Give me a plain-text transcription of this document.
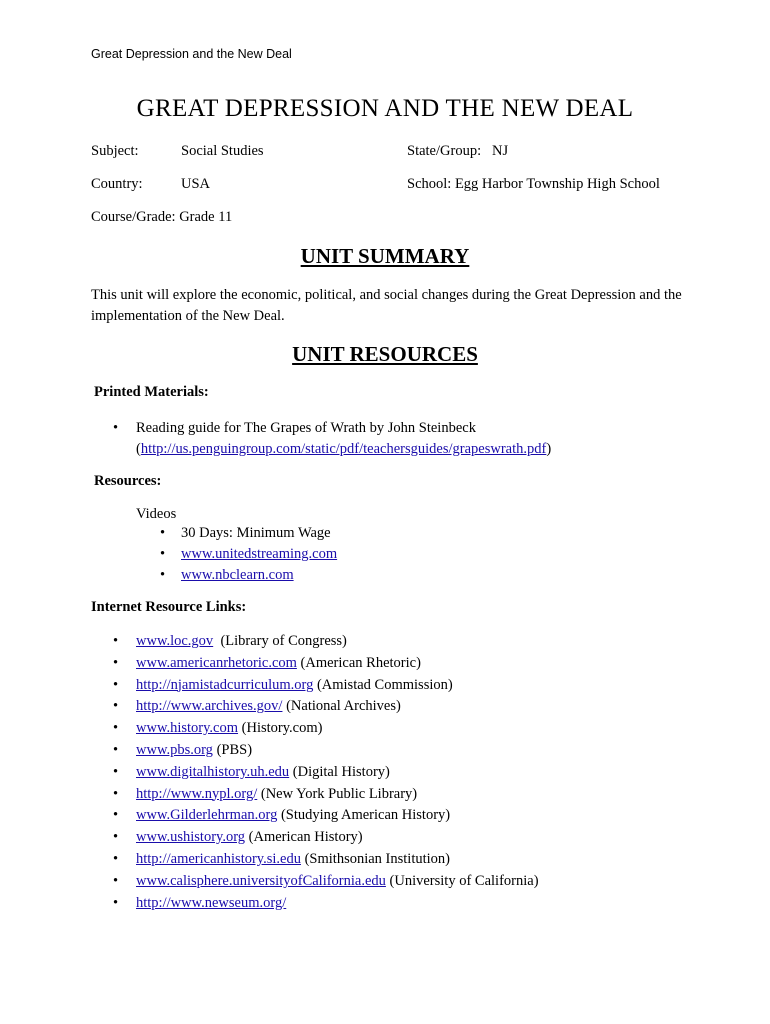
Great Depression and the New Deal
GREAT DEPRESSION AND THE NEW DEAL
Subject:	Social Studies	State/Group: NJ
Country:	USA	School: Egg Harbor Township High School
Course/Grade: Grade 11
UNIT SUMMARY
This unit will explore the economic, political, and social changes during the Great Depression and the implementation of the New Deal.
UNIT RESOURCES
Printed Materials:
• Reading guide for The Grapes of Wrath by John Steinbeck
(http://us.penguingroup.com/static/pdf/teachersguides/grapeswrath.pdf)
Resources:
Videos
• 30 Days: Minimum Wage
• www.unitedstreaming.com
• www.nbclearn.com
Internet Resource Links:
• www.loc.gov  (Library of Congress)
• www.americanrhetoric.com (American Rhetoric)
• http://njamistadcurriculum.org (Amistad Commission)
• http://www.archives.gov/ (National Archives)
• www.history.com (History.com)
• www.pbs.org (PBS)
• www.digitalhistory.uh.edu (Digital History)
• http://www.nypl.org/ (New York Public Library)
• www.Gilderlehrman.org (Studying American History)
• www.ushistory.org (American History)
• http://americanhistory.si.edu (Smithsonian Institution)
• www.calisphere.universityofCalifornia.edu (University of California)
• http://www.newseum.org/
